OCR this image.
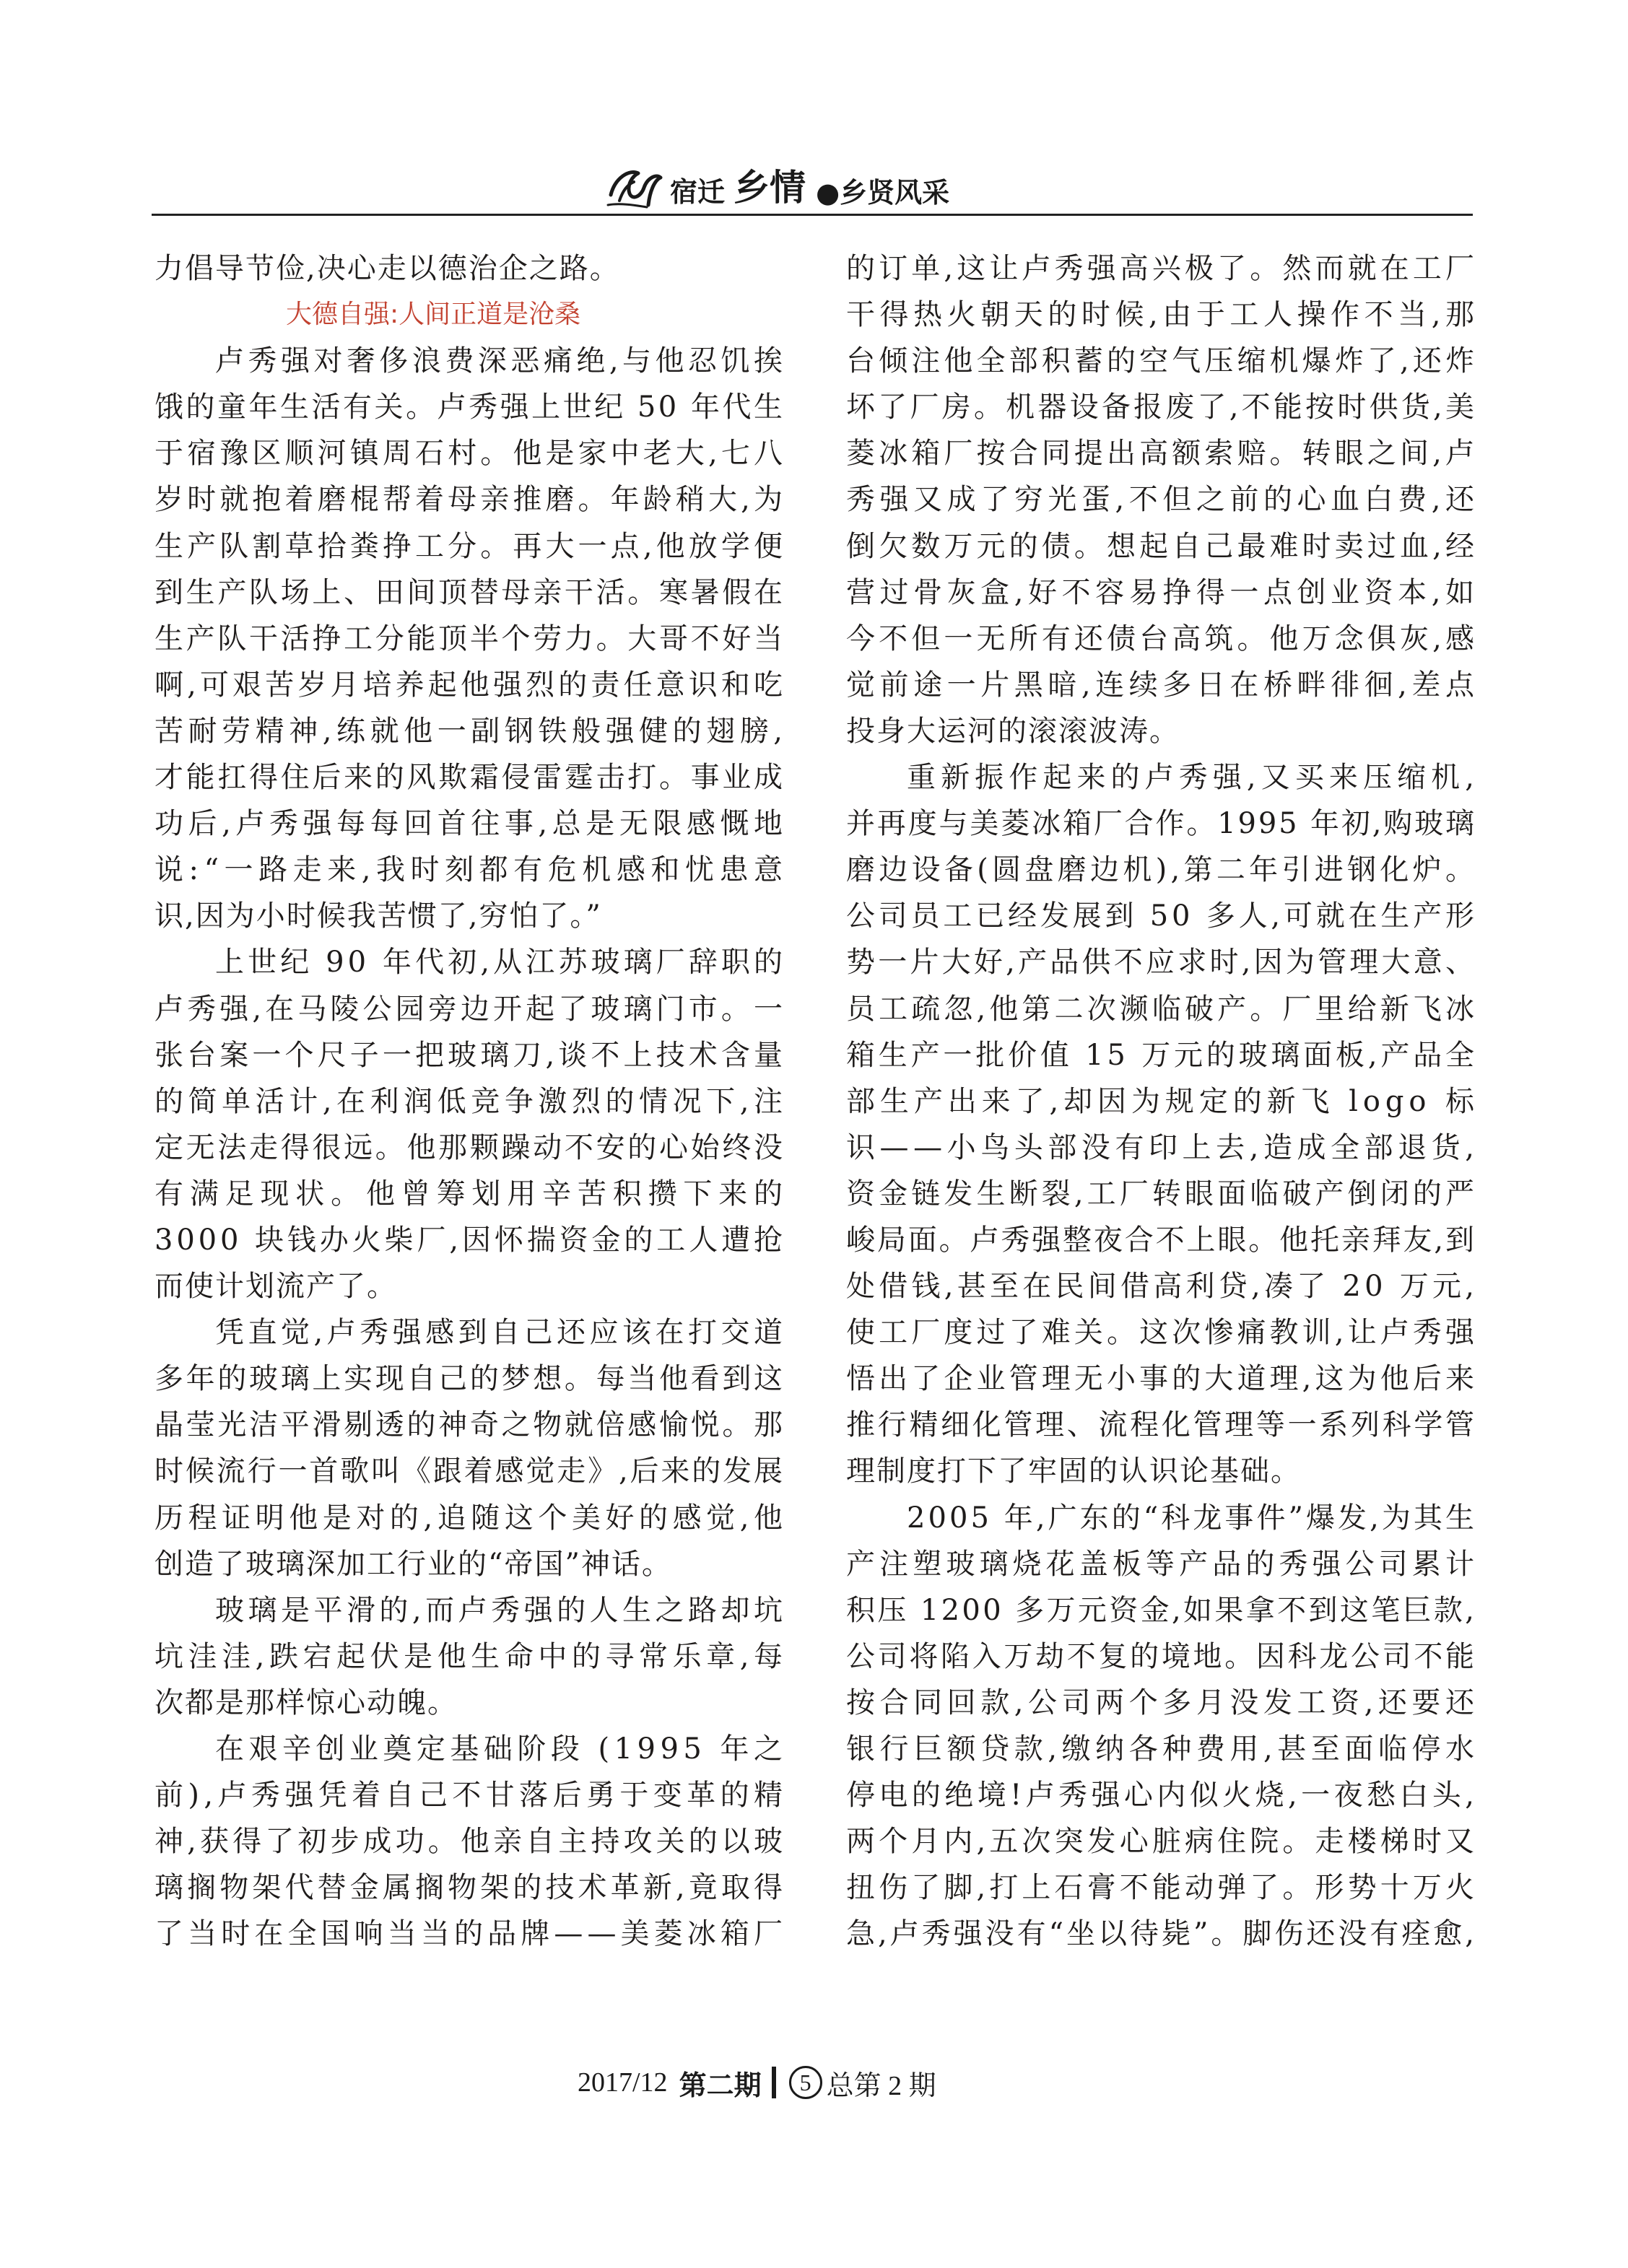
宿迁 乡情 ●乡贤风采
力倡导节俭,决心走以德治企之路。
大德自强:人间正道是沧桑
卢秀强对奢侈浪费深恶痛绝,与他忍饥挨
饿的童年生活有关。卢秀强上世纪 50 年代生
于宿豫区顺河镇周石村。他是家中老大,七八
岁时就抱着磨棍帮着母亲推磨。年龄稍大,为
生产队割草拾粪挣工分。再大一点,他放学便
到生产队场上、田间顶替母亲干活。寒暑假在
生产队干活挣工分能顶半个劳力。大哥不好当
啊,可艰苦岁月培养起他强烈的责任意识和吃
苦耐劳精神,练就他一副钢铁般强健的翅膀,
才能扛得住后来的风欺霜侵雷霆击打。事业成
功后,卢秀强每每回首往事,总是无限感慨地
说:“一路走来,我时刻都有危机感和忧患意
识,因为小时候我苦惯了,穷怕了。”
上世纪 90 年代初,从江苏玻璃厂辞职的
卢秀强,在马陵公园旁边开起了玻璃门市。一
张台案一个尺子一把玻璃刀,谈不上技术含量
的简单活计,在利润低竞争激烈的情况下,注
定无法走得很远。他那颗躁动不安的心始终没
有满足现状。他曾筹划用辛苦积攒下来的
3000 块钱办火柴厂,因怀揣资金的工人遭抢
而使计划流产了。
凭直觉,卢秀强感到自己还应该在打交道
多年的玻璃上实现自己的梦想。每当他看到这
晶莹光洁平滑剔透的神奇之物就倍感愉悦。那
时候流行一首歌叫《跟着感觉走》,后来的发展
历程证明他是对的,追随这个美好的感觉,他
创造了玻璃深加工行业的“帝国”神话。
玻璃是平滑的,而卢秀强的人生之路却坑
坑洼洼,跌宕起伏是他生命中的寻常乐章,每
次都是那样惊心动魄。
在艰辛创业奠定基础阶段 (1995 年之
前),卢秀强凭着自己不甘落后勇于变革的精
神,获得了初步成功。他亲自主持攻关的以玻
璃搁物架代替金属搁物架的技术革新,竟取得
了当时在全国响当当的品牌——美菱冰箱厂
的订单,这让卢秀强高兴极了。然而就在工厂
干得热火朝天的时候,由于工人操作不当,那
台倾注他全部积蓄的空气压缩机爆炸了,还炸
坏了厂房。机器设备报废了,不能按时供货,美
菱冰箱厂按合同提出高额索赔。转眼之间,卢
秀强又成了穷光蛋,不但之前的心血白费,还
倒欠数万元的债。想起自己最难时卖过血,经
营过骨灰盒,好不容易挣得一点创业资本,如
今不但一无所有还债台高筑。他万念俱灰,感
觉前途一片黑暗,连续多日在桥畔徘徊,差点
投身大运河的滚滚波涛。
重新振作起来的卢秀强,又买来压缩机,
并再度与美菱冰箱厂合作。1995 年初,购玻璃
磨边设备(圆盘磨边机),第二年引进钢化炉。
公司员工已经发展到 50 多人,可就在生产形
势一片大好,产品供不应求时,因为管理大意、
员工疏忽,他第二次濒临破产。厂里给新飞冰
箱生产一批价值 15 万元的玻璃面板,产品全
部生产出来了,却因为规定的新飞 logo 标
识——小鸟头部没有印上去,造成全部退货,
资金链发生断裂,工厂转眼面临破产倒闭的严
峻局面。卢秀强整夜合不上眼。他托亲拜友,到
处借钱,甚至在民间借高利贷,凑了 20 万元,
使工厂度过了难关。这次惨痛教训,让卢秀强
悟出了企业管理无小事的大道理,这为他后来
推行精细化管理、流程化管理等一系列科学管
理制度打下了牢固的认识论基础。
2005 年,广东的“科龙事件”爆发,为其生
产注塑玻璃烧花盖板等产品的秀强公司累计
积压 1200 多万元资金,如果拿不到这笔巨款,
公司将陷入万劫不复的境地。因科龙公司不能
按合同回款,公司两个多月没发工资,还要还
银行巨额贷款,缴纳各种费用,甚至面临停水
停电的绝境!卢秀强心内似火烧,一夜愁白头,
两个月内,五次突发心脏病住院。走楼梯时又
扭伤了脚,打上石膏不能动弹了。形势十万火
急,卢秀强没有“坐以待毙”。脚伤还没有痊愈,
2017/12 第二期	5 总第 2 期
